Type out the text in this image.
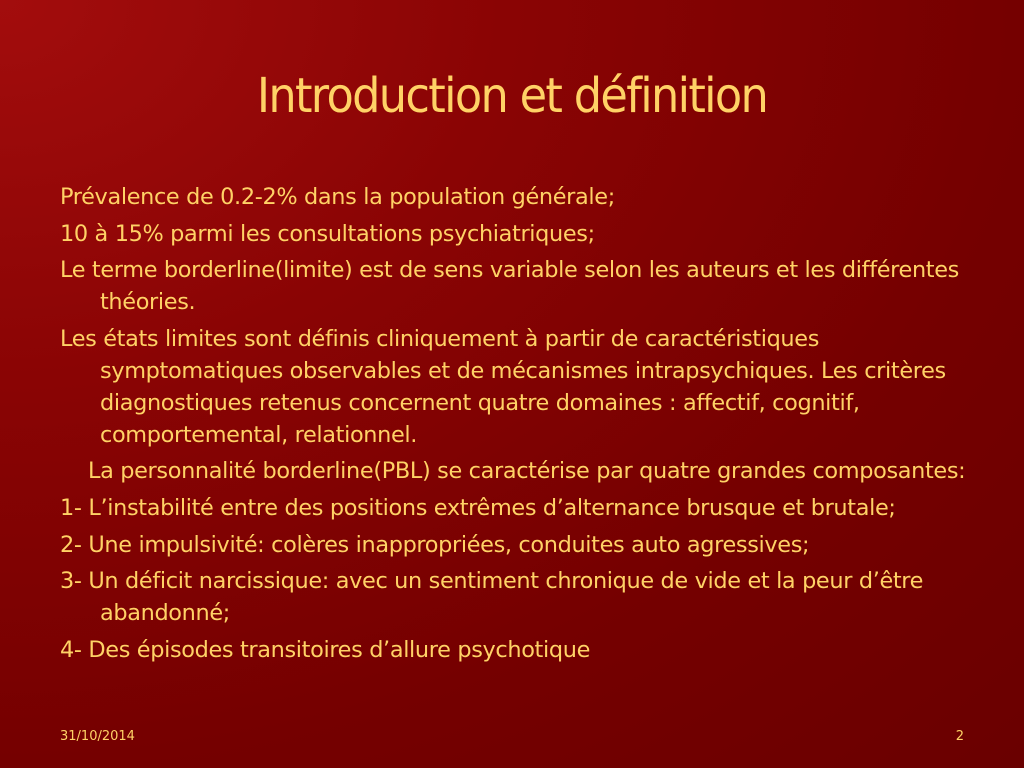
Introduction et définition

Prévalence de 0.2-2% dans la population générale;

10 à 15% parmi les consultations psychiatriques;

Le terme borderline(limite) est de sens variable selon les auteurs et les différentes théories.

Les états limites sont définis cliniquement à partir de caractéristiques symptomatiques observables et de mécanismes intrapsychiques. Les critères diagnostiques retenus concernent quatre domaines : affectif, cognitif, comportemental, relationnel.

La personnalité borderline(PBL) se caractérise par quatre grandes composantes:

1- L’instabilité entre des positions extrêmes d’alternance brusque et brutale;

2- Une impulsivité: colères inappropriées, conduites auto agressives;

3- Un déficit narcissique: avec un sentiment chronique de vide et la peur d’être abandonné;

4- Des épisodes transitoires d’allure psychotique

31/10/2014	2
